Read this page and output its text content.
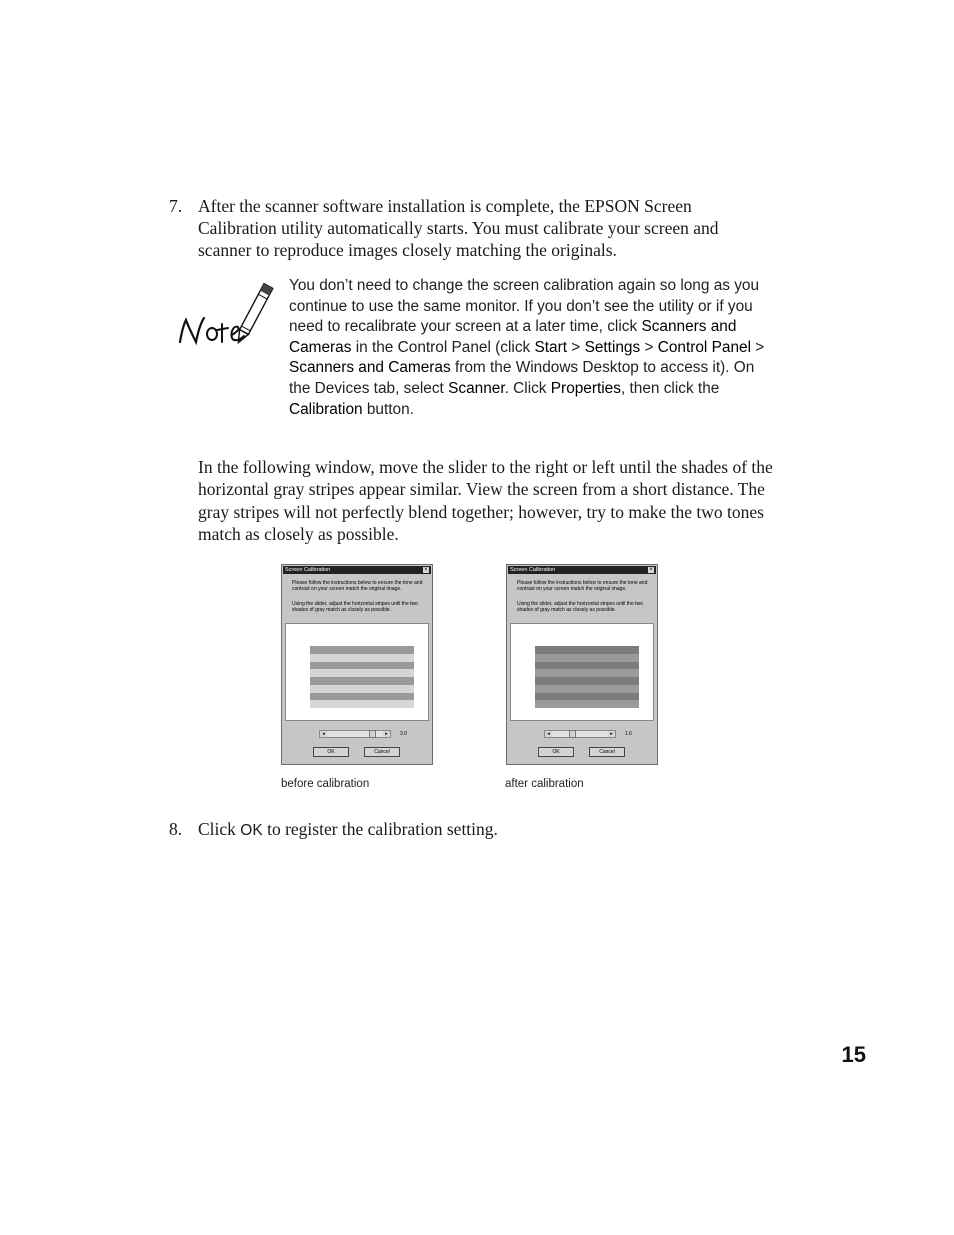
7. After the scanner software installation is complete, the EPSON Screen Calibration utility automatically starts. You must calibrate your screen and scanner to reproduce images closely matching the originals.
You don’t need to change the screen calibration again so long as you continue to use the same monitor. If you don’t see the utility or if you need to recalibrate your screen at a later time, click Scanners and Cameras in the Control Panel (click Start > Settings > Control Panel > Scanners and Cameras from the Windows Desktop to access it). On the Devices tab, select Scanner. Click Properties, then click the Calibration button.
In the following window, move the slider to the right or left until the shades of the horizontal gray stripes appear similar. View the screen from a short distance. The gray stripes will not perfectly blend together; however, try to make the two tones match as closely as possible.
Screen Calibration	×
Please follow the instructions below to ensure the tone and contrast on your screen match the original image.
Using the slider, adjust the horizontal stripes until the two shades of gray match as closely as possible.
◂	▸	3.0
OK	Cancel
Screen Calibration	×
Please follow the instructions below to ensure the tone and contrast on your screen match the original image.
Using the slider, adjust the horizontal stripes until the two shades of gray match as closely as possible.
◂	▸	1.6
OK	Cancel
before calibration	after calibration
8. Click OK to register the calibration setting.
15
